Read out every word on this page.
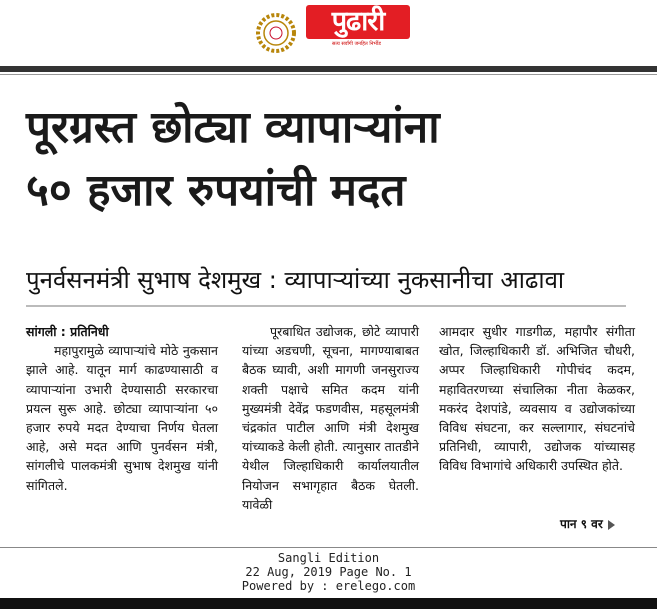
पुढारी
सत्य सर्वांगी जनहित निर्भीड
पूरग्रस्त छोट्या व्यापाऱ्यांना
५० हजार रुपयांची मदत
पुनर्वसनमंत्री सुभाष देशमुख : व्यापाऱ्यांच्या नुकसानीचा आढावा

सांगली : प्रतिनिधी

महापुरामुळे व्यापाऱ्यांचे मोठे नुकसान झाले आहे. यातून मार्ग काढण्यासाठी व व्यापाऱ्यांना उभारी देण्यासाठी सरकारचा प्रयत्न सुरू आहे. छोट्या व्यापाऱ्यांना ५० हजार रुपये मदत देण्याचा निर्णय घेतला आहे, असे मदत आणि पुनर्वसन मंत्री, सांगलीचे पालकमंत्री सुभाष देशमुख यांनी सांगितले.

पूरबाधित उद्योजक, छोटे व्यापारी यांच्या अडचणी, सूचना, मागण्याबाबत बैठक घ्यावी, अशी मागणी जनसुराज्य शक्ती पक्षाचे समित कदम यांनी मुख्यमंत्री देवेंद्र फडणवीस, महसूलमंत्री चंद्रकांत पाटील आणि मंत्री देशमुख यांच्याकडे केली होती. त्यानुसार तातडीने येथील जिल्हाधिकारी कार्यालयातील नियोजन सभागृहात बैठक घेतली. यावेळी

आमदार सुधीर गाडगीळ, महापौर संगीता खोत, जिल्हाधिकारी डॉ. अभिजित चौधरी, अप्पर जिल्हाधिकारी गोपीचंद कदम, महावितरणच्या संचालिका नीता केळकर, मकरंद देशपांडे, व्यवसाय व उद्योजकांच्या विविध संघटना, कर सल्लागार, संघटनांचे प्रतिनिधी, व्यापारी, उद्योजक यांच्यासह विविध विभागांचे अधिकारी उपस्थित होते.

पान ९ वर
Sangli Edition
22 Aug, 2019 Page No. 1
Powered by : erelego.com
